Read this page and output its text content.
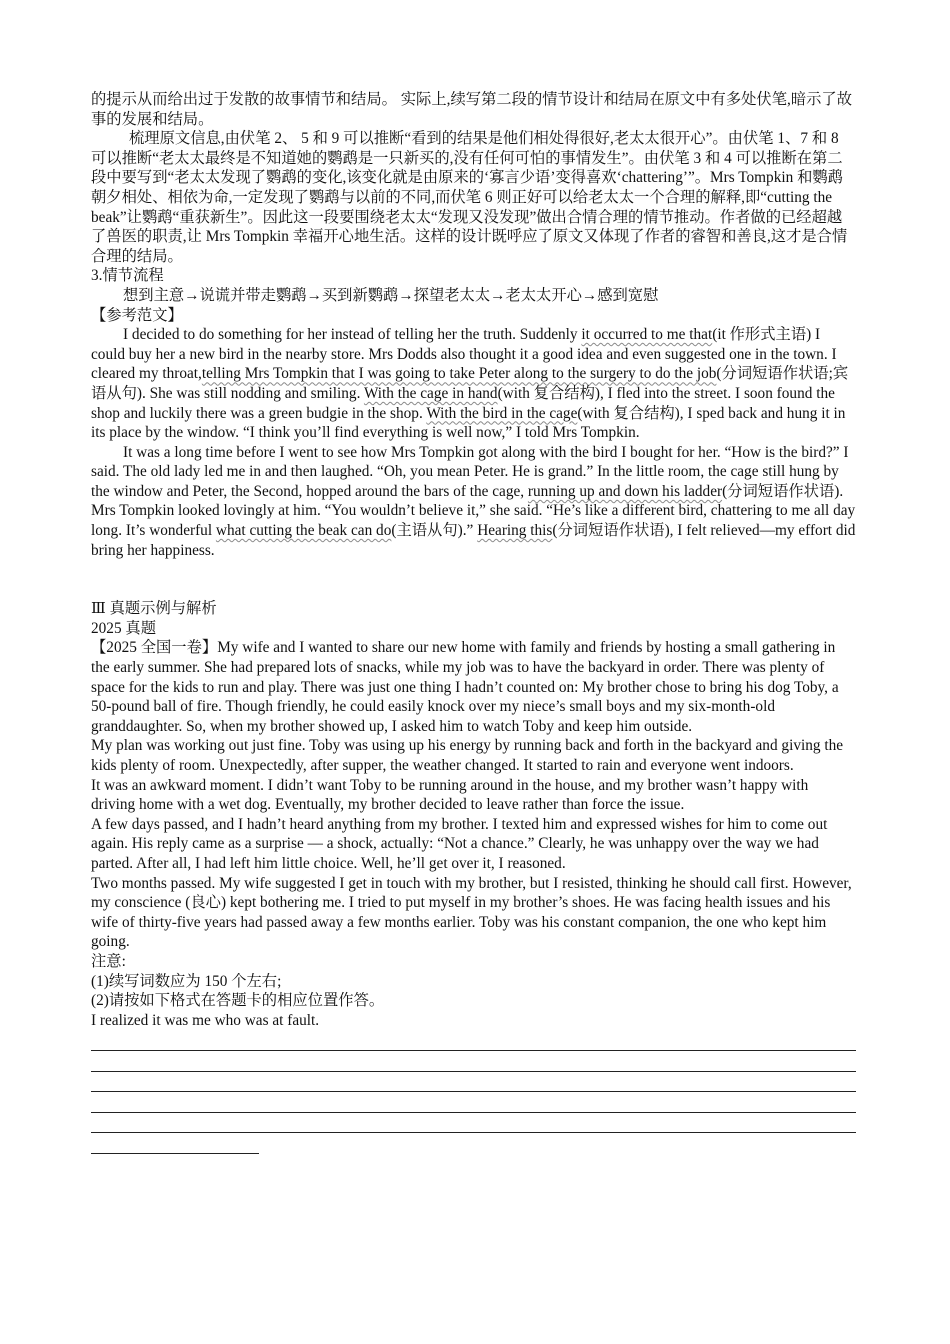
的提示从而给出过于发散的故事情节和结局。 实际上,续写第二段的情节设计和结局在原文中有多处伏笔,暗示了故事的发展和结局。

梳理原文信息,由伏笔 2、 5 和 9 可以推断“看到的结果是他们相处得很好,老太太很开心”。由伏笔 1、7 和 8 可以推断“老太太最终是不知道她的鹦鹉是一只新买的,没有任何可怕的事情发生”。由伏笔 3 和 4 可以推断在第二段中要写到“老太太发现了鹦鹉的变化,该变化就是由原来的‘寡言少语’变得喜欢‘chattering’”。Mrs Tompkin 和鹦鹉朝夕相处、相依为命,一定发现了鹦鹉与以前的不同,而伏笔 6 则正好可以给老太太一个合理的解释,即“cutting the beak”让鹦鹉“重获新生”。因此这一段要围绕老太太“发现又没发现”做出合情合理的情节推动。作者做的已经超越了兽医的职责,让 Mrs Tompkin 幸福开心地生活。这样的设计既呼应了原文又体现了作者的睿智和善良,这才是合情合理的结局。

3.情节流程

想到主意→说谎并带走鹦鹉→买到新鹦鹉→探望老太太→老太太开心→感到宽慰

【参考范文】

I decided to do something for her instead of telling her the truth. Suddenly it occurred to me that(it 作形式主语) I could buy her a new bird in the nearby store. Mrs Dodds also thought it a good idea and even suggested one in the town. I cleared my throat,telling Mrs Tompkin that I was going to take Peter along to the surgery to do the job(分词短语作状语;宾语从句). She was still nodding and smiling. With the cage in hand(with 复合结构), I fled into the street. I soon found the shop and luckily there was a green budgie in the shop. With the bird in the cage(with 复合结构), I sped back and hung it in its place by the window. “I think you’ll find everything is well now,” I told Mrs Tompkin.

It was a long time before I went to see how Mrs Tompkin got along with the bird I bought for her. “How is the bird?” I said. The old lady led me in and then laughed. “Oh, you mean Peter. He is grand.” In the little room, the cage still hung by the window and Peter, the Second, hopped around the bars of the cage, running up and down his ladder(分词短语作状语). Mrs Tompkin looked lovingly at him. “You wouldn’t believe it,” she said. “He’s like a different bird, chattering to me all day long. It’s wonderful what cutting the beak can do(主语从句).” Hearing this(分词短语作状语), I felt relieved—my effort did bring her happiness.

Ⅲ 真题示例与解析

2025 真题

【2025 全国一卷】My wife and I wanted to share our new home with family and friends by hosting a small gathering in the early summer. She had prepared lots of snacks, while my job was to have the backyard in order. There was plenty of space for the kids to run and play. There was just one thing I hadn’t counted on: My brother chose to bring his dog Toby, a 50-pound ball of fire. Though friendly, he could easily knock over my niece’s small boys and my six-month-old granddaughter. So, when my brother showed up, I asked him to watch Toby and keep him outside.

My plan was working out just fine. Toby was using up his energy by running back and forth in the backyard and giving the kids plenty of room. Unexpectedly, after supper, the weather changed. It started to rain and everyone went indoors.

It was an awkward moment. I didn’t want Toby to be running around in the house, and my brother wasn’t happy with driving home with a wet dog. Eventually, my brother decided to leave rather than force the issue.

A few days passed, and I hadn’t heard anything from my brother. I texted him and expressed wishes for him to come out again. His reply came as a surprise — a shock, actually: “Not a chance.” Clearly, he was unhappy over the way we had parted. After all, I had left him little choice. Well, he’ll get over it, I reasoned.

Two months passed. My wife suggested I get in touch with my brother, but I resisted, thinking he should call first. However, my conscience (良心) kept bothering me. I tried to put myself in my brother’s shoes. He was facing health issues and his wife of thirty-five years had passed away a few months earlier. Toby was his constant companion, the one who kept him going.

注意:

(1)续写词数应为 150 个左右;

(2)请按如下格式在答题卡的相应位置作答。

I realized it was me who was at fault.
